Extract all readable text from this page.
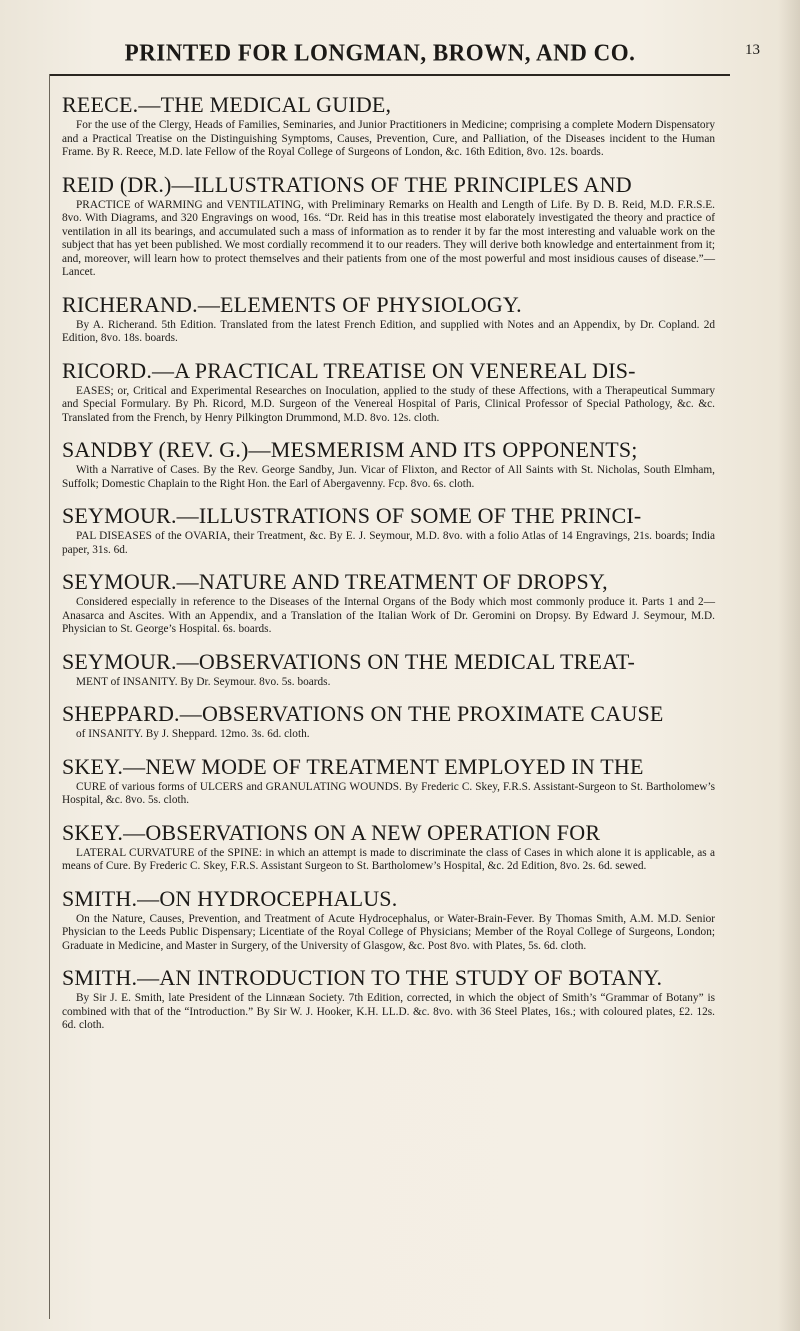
PRINTED FOR LONGMAN, BROWN, AND CO.	13
REECE.—THE MEDICAL GUIDE,

For the use of the Clergy, Heads of Families, Seminaries, and Junior Practitioners in Medicine; comprising a complete Modern Dispensatory and a Practical Treatise on the Distinguishing Symptoms, Causes, Prevention, Cure, and Palliation, of the Diseases incident to the Human Frame. By R. Reece, M.D. late Fellow of the Royal College of Surgeons of London, &c. 16th Edition, 8vo. 12s. boards.

REID (DR.)—ILLUSTRATIONS OF THE PRINCIPLES AND

PRACTICE of WARMING and VENTILATING, with Preliminary Remarks on Health and Length of Life. By D. B. Reid, M.D. F.R.S.E. 8vo. With Diagrams, and 320 Engravings on wood, 16s. “Dr. Reid has in this treatise most elaborately investigated the theory and practice of ventilation in all its bearings, and accumulated such a mass of information as to render it by far the most interesting and valuable work on the subject that has yet been published. We most cordially recommend it to our readers. They will derive both knowledge and entertainment from it; and, moreover, will learn how to protect themselves and their patients from one of the most powerful and most insidious causes of disease.”—Lancet.

RICHERAND.—ELEMENTS OF PHYSIOLOGY.

By A. Richerand. 5th Edition. Translated from the latest French Edition, and supplied with Notes and an Appendix, by Dr. Copland. 2d Edition, 8vo. 18s. boards.

RICORD.—A PRACTICAL TREATISE ON VENEREAL DIS-

EASES; or, Critical and Experimental Researches on Inoculation, applied to the study of these Affections, with a Therapeutical Summary and Special Formulary. By Ph. Ricord, M.D. Surgeon of the Venereal Hospital of Paris, Clinical Professor of Special Pathology, &c. &c. Translated from the French, by Henry Pilkington Drummond, M.D. 8vo. 12s. cloth.

SANDBY (REV. G.)—MESMERISM AND ITS OPPONENTS;

With a Narrative of Cases. By the Rev. George Sandby, Jun. Vicar of Flixton, and Rector of All Saints with St. Nicholas, South Elmham, Suffolk; Domestic Chaplain to the Right Hon. the Earl of Abergavenny. Fcp. 8vo. 6s. cloth.

SEYMOUR.—ILLUSTRATIONS OF SOME OF THE PRINCI-

PAL DISEASES of the OVARIA, their Treatment, &c. By E. J. Seymour, M.D. 8vo. with a folio Atlas of 14 Engravings, 21s. boards; India paper, 31s. 6d.

SEYMOUR.—NATURE AND TREATMENT OF DROPSY,

Considered especially in reference to the Diseases of the Internal Organs of the Body which most commonly produce it. Parts 1 and 2—Anasarca and Ascites. With an Appendix, and a Translation of the Italian Work of Dr. Geromini on Dropsy. By Edward J. Seymour, M.D. Physician to St. George’s Hospital. 6s. boards.

SEYMOUR.—OBSERVATIONS ON THE MEDICAL TREAT-

MENT of INSANITY. By Dr. Seymour. 8vo. 5s. boards.

SHEPPARD.—OBSERVATIONS ON THE PROXIMATE CAUSE

of INSANITY. By J. Sheppard. 12mo. 3s. 6d. cloth.

SKEY.—NEW MODE OF TREATMENT EMPLOYED IN THE

CURE of various forms of ULCERS and GRANULATING WOUNDS. By Frederic C. Skey, F.R.S. Assistant-Surgeon to St. Bartholomew’s Hospital, &c. 8vo. 5s. cloth.

SKEY.—OBSERVATIONS ON A NEW OPERATION FOR

LATERAL CURVATURE of the SPINE: in which an attempt is made to discriminate the class of Cases in which alone it is applicable, as a means of Cure. By Frederic C. Skey, F.R.S. Assistant Surgeon to St. Bartholomew’s Hospital, &c. 2d Edition, 8vo. 2s. 6d. sewed.

SMITH.—ON HYDROCEPHALUS.

On the Nature, Causes, Prevention, and Treatment of Acute Hydrocephalus, or Water-Brain-Fever. By Thomas Smith, A.M. M.D. Senior Physician to the Leeds Public Dispensary; Licentiate of the Royal College of Physicians; Member of the Royal College of Surgeons, London; Graduate in Medicine, and Master in Surgery, of the University of Glasgow, &c. Post 8vo. with Plates, 5s. 6d. cloth.

SMITH.—AN INTRODUCTION TO THE STUDY OF BOTANY.

By Sir J. E. Smith, late President of the Linnæan Society. 7th Edition, corrected, in which the object of Smith’s “Grammar of Botany” is combined with that of the “Introduction.” By Sir W. J. Hooker, K.H. LL.D. &c. 8vo. with 36 Steel Plates, 16s.; with coloured plates, £2. 12s. 6d. cloth.
